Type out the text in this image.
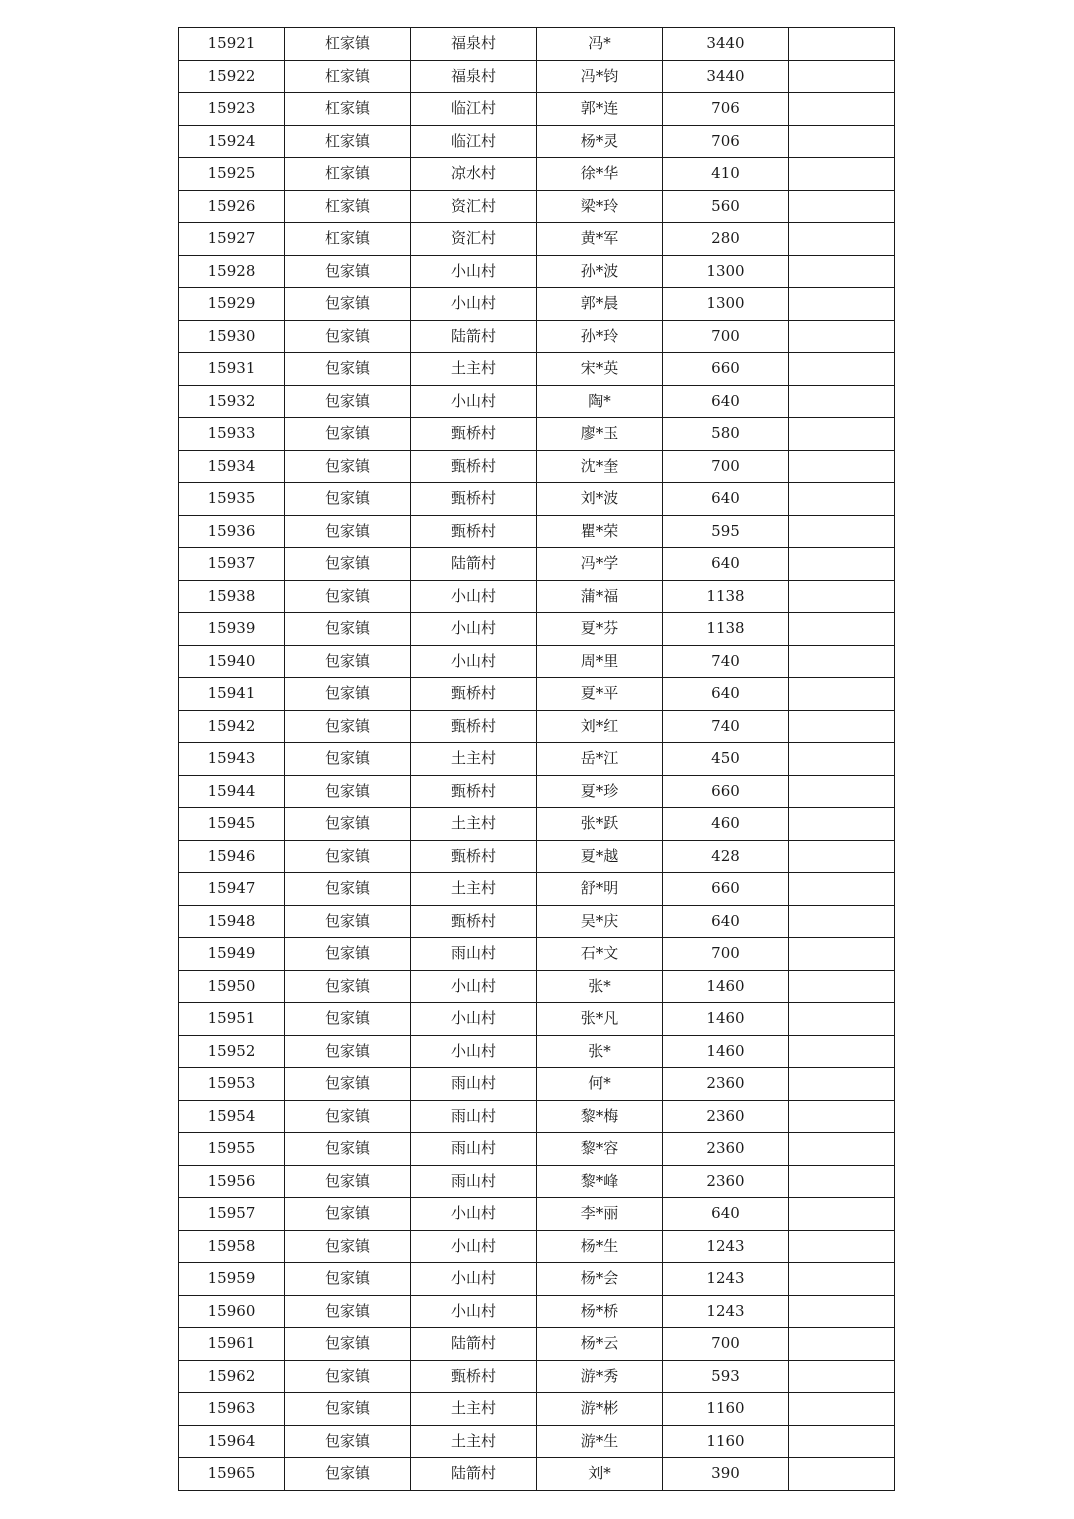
15921	杠家镇	福泉村	冯*	3440	
15922	杠家镇	福泉村	冯*钧	3440	
15923	杠家镇	临江村	郭*连	706	
15924	杠家镇	临江村	杨*灵	706	
15925	杠家镇	凉水村	徐*华	410	
15926	杠家镇	资汇村	梁*玲	560	
15927	杠家镇	资汇村	黄*军	280	
15928	包家镇	小山村	孙*波	1300	
15929	包家镇	小山村	郭*晨	1300	
15930	包家镇	陆箭村	孙*玲	700	
15931	包家镇	土主村	宋*英	660	
15932	包家镇	小山村	陶*	640	
15933	包家镇	甄桥村	廖*玉	580	
15934	包家镇	甄桥村	沈*奎	700	
15935	包家镇	甄桥村	刘*波	640	
15936	包家镇	甄桥村	瞿*荣	595	
15937	包家镇	陆箭村	冯*学	640	
15938	包家镇	小山村	蒲*福	1138	
15939	包家镇	小山村	夏*芬	1138	
15940	包家镇	小山村	周*里	740	
15941	包家镇	甄桥村	夏*平	640	
15942	包家镇	甄桥村	刘*红	740	
15943	包家镇	土主村	岳*江	450	
15944	包家镇	甄桥村	夏*珍	660	
15945	包家镇	土主村	张*跃	460	
15946	包家镇	甄桥村	夏*越	428	
15947	包家镇	土主村	舒*明	660	
15948	包家镇	甄桥村	吴*庆	640	
15949	包家镇	雨山村	石*文	700	
15950	包家镇	小山村	张*	1460	
15951	包家镇	小山村	张*凡	1460	
15952	包家镇	小山村	张*	1460	
15953	包家镇	雨山村	何*	2360	
15954	包家镇	雨山村	黎*梅	2360	
15955	包家镇	雨山村	黎*容	2360	
15956	包家镇	雨山村	黎*峰	2360	
15957	包家镇	小山村	李*丽	640	
15958	包家镇	小山村	杨*生	1243	
15959	包家镇	小山村	杨*会	1243	
15960	包家镇	小山村	杨*桥	1243	
15961	包家镇	陆箭村	杨*云	700	
15962	包家镇	甄桥村	游*秀	593	
15963	包家镇	土主村	游*彬	1160	
15964	包家镇	土主村	游*生	1160	
15965	包家镇	陆箭村	刘*	390	
